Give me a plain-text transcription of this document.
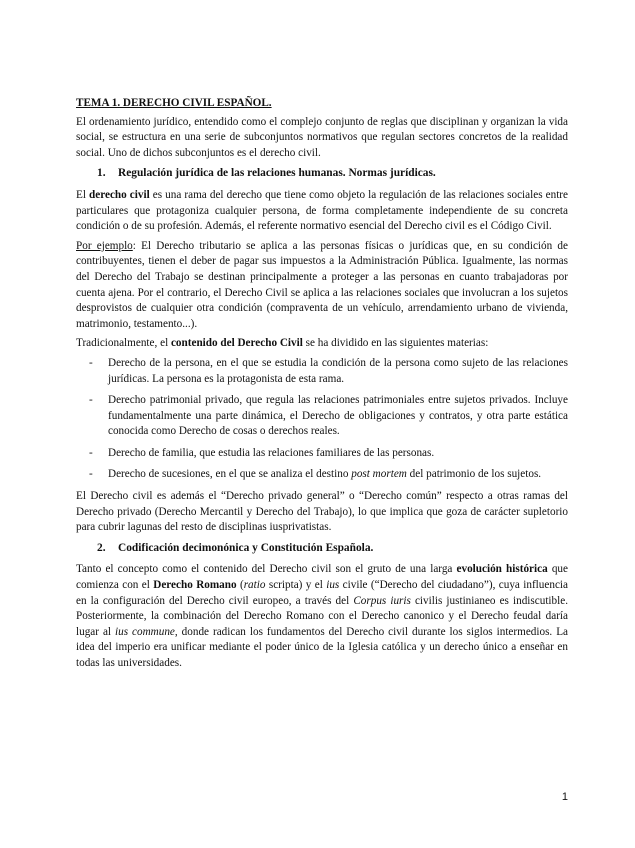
TEMA 1. DERECHO CIVIL ESPAÑOL.

El ordenamiento jurídico, entendido como el complejo conjunto de reglas que disciplinan y organizan la vida social, se estructura en una serie de subconjuntos normativos que regulan sectores concretos de la realidad social. Uno de dichos subconjuntos es el derecho civil.

1. Regulación jurídica de las relaciones humanas. Normas jurídicas.

El derecho civil es una rama del derecho que tiene como objeto la regulación de las relaciones sociales entre particulares que protagoniza cualquier persona, de forma completamente independiente de su concreta condición o de su profesión. Además, el referente normativo esencial del Derecho civil es el Código Civil.

Por ejemplo: El Derecho tributario se aplica a las personas físicas o jurídicas que, en su condición de contribuyentes, tienen el deber de pagar sus impuestos a la Administración Pública. Igualmente, las normas del Derecho del Trabajo se destinan principalmente a proteger a las personas en cuanto trabajadoras por cuenta ajena. Por el contrario, el Derecho Civil se aplica a las relaciones sociales que involucran a los sujetos desprovistos de cualquier otra condición (compraventa de un vehículo, arrendamiento urbano de vivienda, matrimonio, testamento...).

Tradicionalmente, el contenido del Derecho Civil se ha dividido en las siguientes materias:

-	Derecho de la persona, en el que se estudia la condición de la persona como sujeto de las relaciones jurídicas. La persona es la protagonista de esta rama.

-	Derecho patrimonial privado, que regula las relaciones patrimoniales entre sujetos privados. Incluye fundamentalmente una parte dinámica, el Derecho de obligaciones y contratos, y otra parte estática conocida como Derecho de cosas o derechos reales.

-	Derecho de familia, que estudia las relaciones familiares de las personas.

-	Derecho de sucesiones, en el que se analiza el destino post mortem del patrimonio de los sujetos.

El Derecho civil es además el “Derecho privado general” o “Derecho común” respecto a otras ramas del Derecho privado (Derecho Mercantil y Derecho del Trabajo), lo que implica que goza de carácter supletorio para cubrir lagunas del resto de disciplinas iusprivatistas.

2. Codificación decimonónica y Constitución Española.

Tanto el concepto como el contenido del Derecho civil son el gruto de una larga evolución histórica que comienza con el Derecho Romano (ratio scripta) y el ius civile (“Derecho del ciudadano”), cuya influencia en la configuración del Derecho civil europeo, a través del Corpus iuris civilis justinianeo es indiscutible. Posteriormente, la combinación del Derecho Romano con el Derecho canonico y el Derecho feudal daría lugar al ius commune, donde radican los fundamentos del Derecho civil durante los siglos intermedios. La idea del imperio era unificar mediante el poder único de la Iglesia católica y un derecho único a enseñar en todas las universidades.

1
